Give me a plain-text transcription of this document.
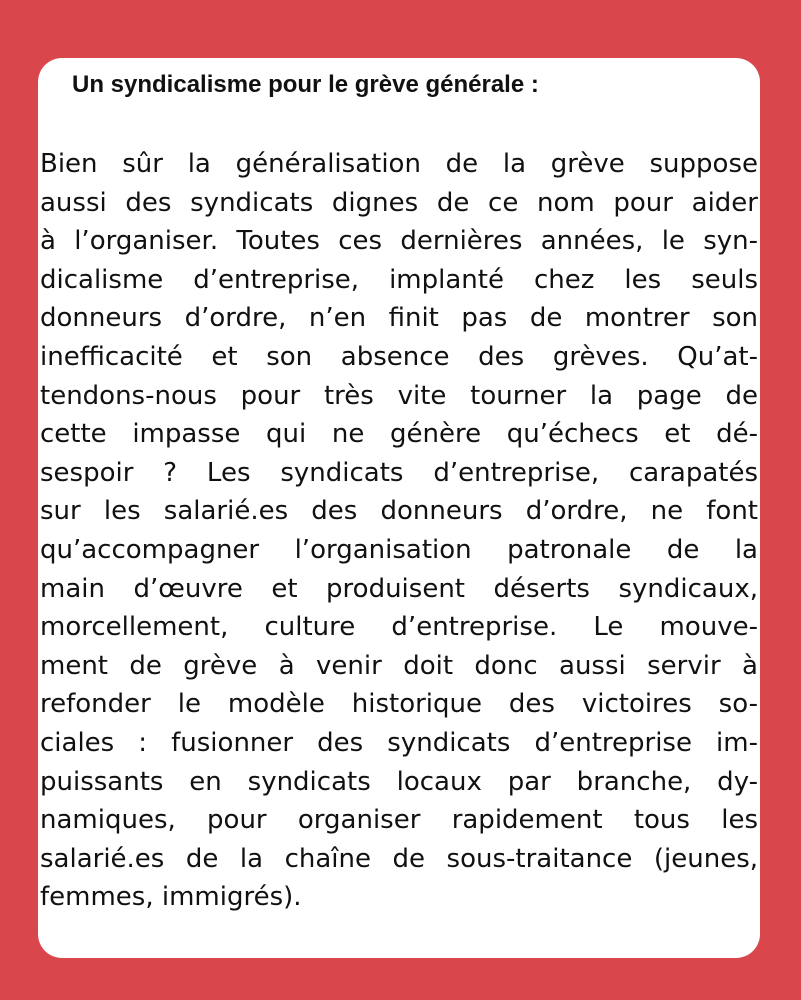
Un syndicalisme pour le grève générale :
Bien sûr la généralisation de la grève suppose
aussi des syndicats dignes de ce nom pour aider
à l’organiser. Toutes ces dernières années, le syn-
dicalisme d’entreprise, implanté chez les seuls
donneurs d’ordre, n’en finit pas de montrer son
inefficacité et son absence des grèves. Qu’at-
tendons-nous pour très vite tourner la page de
cette impasse qui ne génère qu’échecs et dé-
sespoir ? Les syndicats d’entreprise, carapatés
sur les salarié.es des donneurs d’ordre, ne font
qu’accompagner l’organisation patronale de la
main d’œuvre et produisent déserts syndicaux,
morcellement, culture d’entreprise. Le mouve-
ment de grève à venir doit donc aussi servir à
refonder le modèle historique des victoires so-
ciales : fusionner des syndicats d’entreprise im-
puissants en syndicats locaux par branche, dy-
namiques, pour organiser rapidement tous les
salarié.es de la chaîne de sous-traitance (jeunes,
femmes, immigrés).
